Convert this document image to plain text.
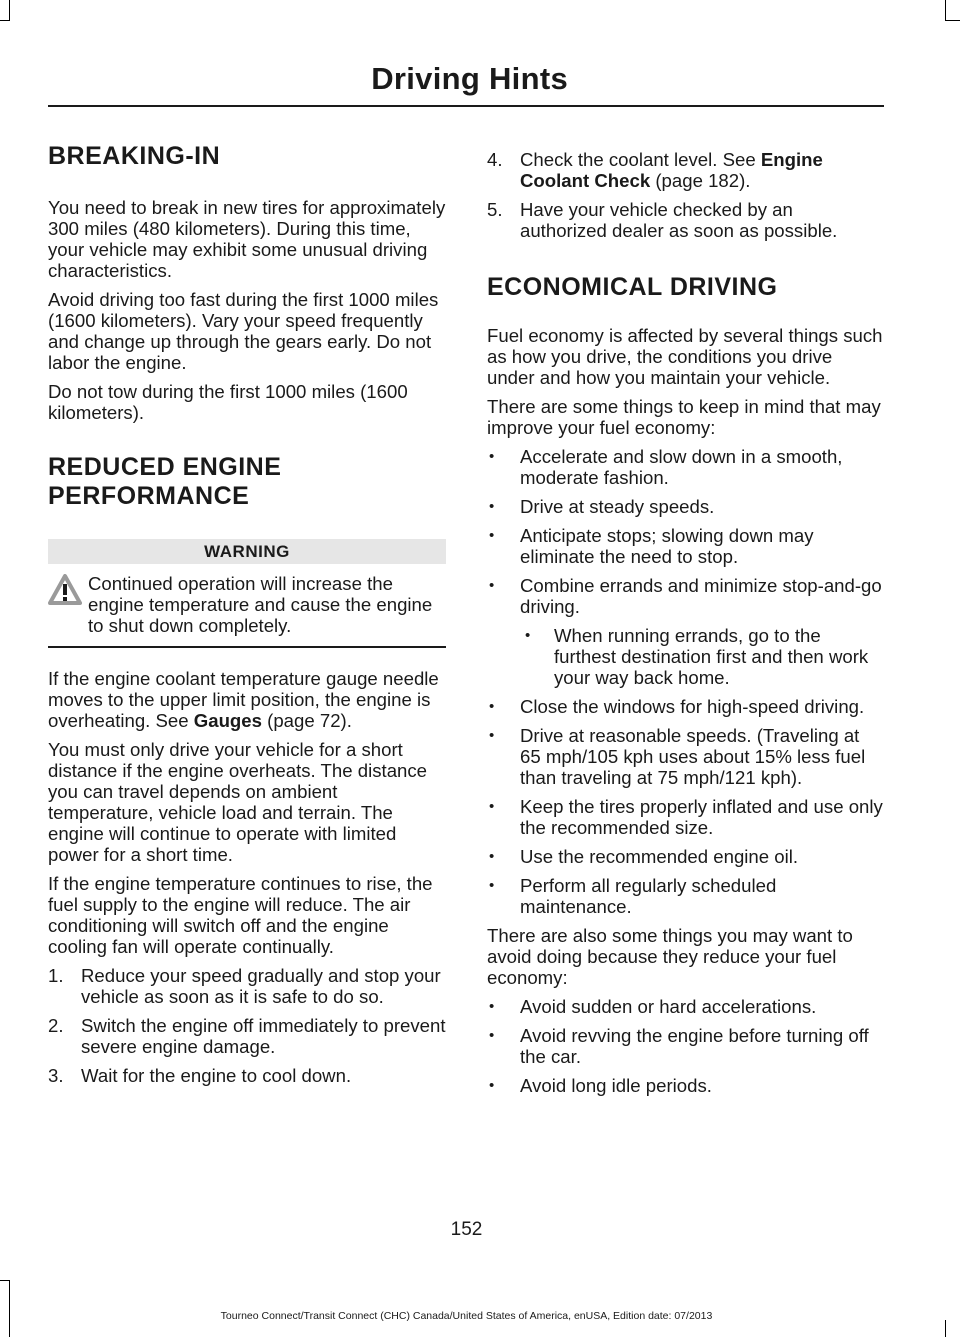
Driving Hints
BREAKING-IN

You need to break in new tires for approximately 300 miles (480 kilometers). During this time, your vehicle may exhibit some unusual driving characteristics.

Avoid driving too fast during the first 1000 miles (1600 kilometers). Vary your speed frequently and change up through the gears early. Do not labor the engine.

Do not tow during the first 1000 miles (1600 kilometers).

REDUCED ENGINE

PERFORMANCE
WARNING
Continued operation will increase the engine temperature and cause the engine to shut down completely.

If the engine coolant temperature gauge needle moves to the upper limit position, the engine is overheating. See Gauges (page 72).

You must only drive your vehicle for a short distance if the engine overheats. The distance you can travel depends on ambient temperature, vehicle load and terrain. The engine will continue to operate with limited power for a short time.

If the engine temperature continues to rise, the fuel supply to the engine will reduce. The air conditioning will switch off and the engine cooling fan will operate continually.

1. Reduce your speed gradually and stop your vehicle as soon as it is safe to do so.
2. Switch the engine off immediately to prevent severe engine damage.
3. Wait for the engine to cool down.
4. Check the coolant level. See Engine Coolant Check (page 182).
5. Have your vehicle checked by an authorized dealer as soon as possible.
ECONOMICAL DRIVING

Fuel economy is affected by several things such as how you drive, the conditions you drive under and how you maintain your vehicle.

There are some things to keep in mind that may improve your fuel economy:

• Accelerate and slow down in a smooth, moderate fashion.
• Drive at steady speeds.
• Anticipate stops; slowing down may eliminate the need to stop.
• Combine errands and minimize stop-and-go driving.
• When running errands, go to the furthest destination first and then work your way back home.
• Close the windows for high-speed driving.
• Drive at reasonable speeds. (Traveling at 65 mph/105 kph uses about 15% less fuel than traveling at 75 mph/121 kph).
• Keep the tires properly inflated and use only the recommended size.
• Use the recommended engine oil.
• Perform all regularly scheduled maintenance.

There are also some things you may want to avoid doing because they reduce your fuel economy:

• Avoid sudden or hard accelerations.
• Avoid revving the engine before turning off the car.
• Avoid long idle periods.
152
Tourneo Connect/Transit Connect (CHC) Canada/United States of America, enUSA, Edition date: 07/2013
